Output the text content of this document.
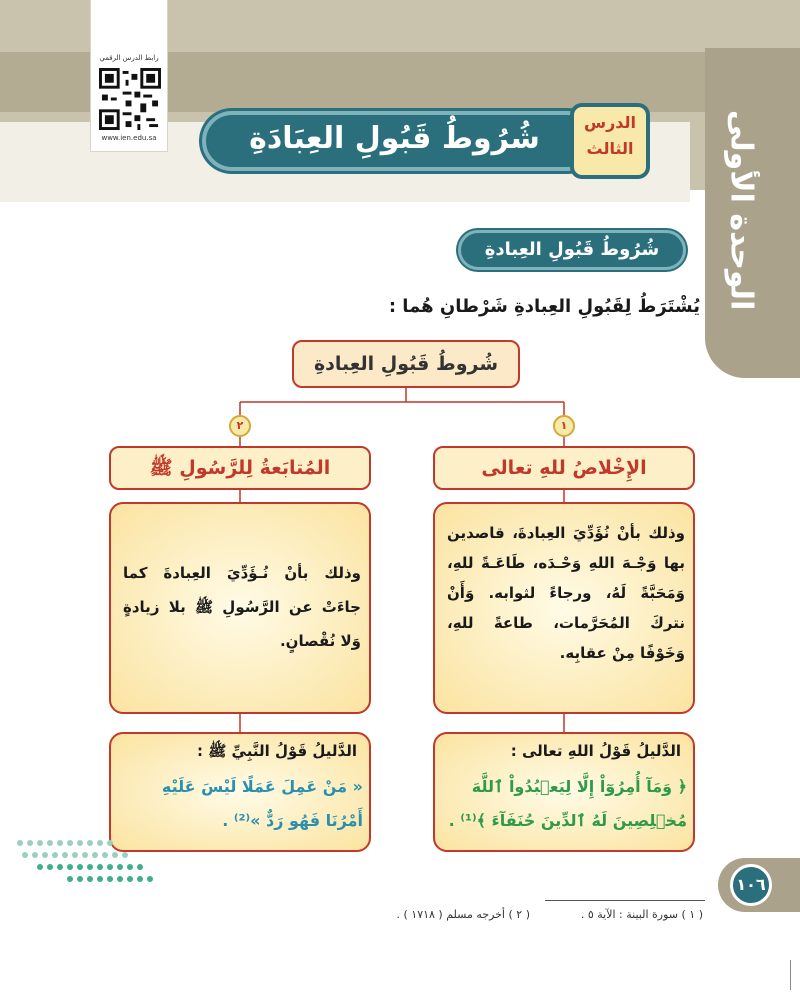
الوحدة الأولى
رابط الدرس الرقمي
www.ien.edu.sa	شُرُوطُ قَبُولِ العِبَادَةِ	الدرس
الثالث
شُرُوطُ قَبُولِ العِبادةِ
يُشْتَرَطُ لِقَبُولِ العِبادةِ شَرْطانِ هُما :
شُروطُ قَبُولِ العِبادةِ
١
٢
الإِخْلاصُ للهِ تعالى
المُتابَعةُ لِلرَّسُولِ ﷺ
وذلك بأنْ نُؤَدِّيَ العِبادةَ، قاصدين بها وَجْـهَ اللهِ وَحْـدَه، طَاعَـةً للهِ، وَمَحَبَّةً لَهُ، ورجاءً لثوابه. وَأَنْ نتركَ المُحَرَّمات، طاعةً للهِ، وَخَوْفًا مِنْ عقابِه.
وذلك بأنْ نُـؤَدِّيَ العِبادةَ كما جاءَتْ عن الرَّسُولِ ﷺ بلا زيادةٍ وَلا نُقْصانٍ.
الدَّليلُ قَوْلُ اللهِ تعالى :
﴿ وَمَآ أُمِرُوٓاْ إِلَّا لِيَعۡبُدُواْ ٱللَّهَ مُخۡلِصِينَ لَهُ ٱلدِّينَ حُنَفَآءَ ﴾⁽¹⁾ .
الدَّليلُ قَوْلُ النَّبِيِّ ﷺ :
« مَنْ عَمِلَ عَمَلًا لَيْسَ عَلَيْهِ أَمْرُنَا فَهُو رَدٌّ »⁽²⁾ .
١٠٦
( ١ ) سورة البينة : الآية ٥ .
( ٢ ) أخرجه مسلم ( ١٧١٨ ) .
